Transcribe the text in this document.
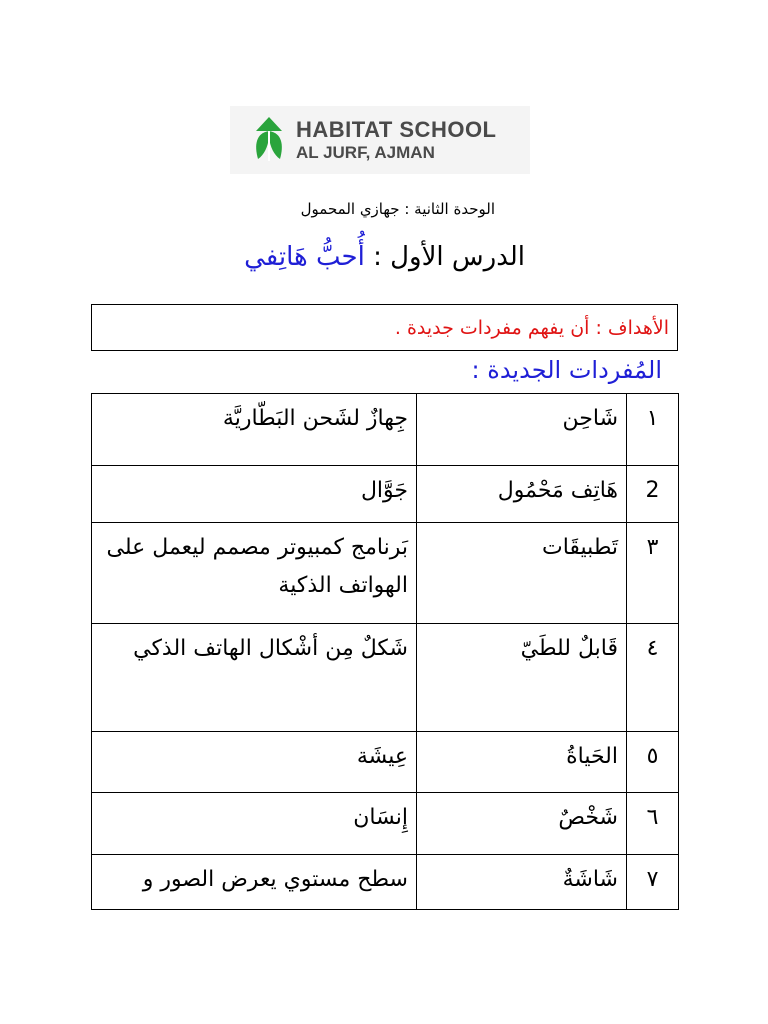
HABITAT SCHOOL
AL JURF, AJMAN
الوحدة الثانية : جهازي المحمول
الدرس الأول : أُحبُّ هَاتِفي
الأهداف : أن يفهم مفردات جديدة .
المُفردات الجديدة :
١	شَاحِن	جِهازٌ لشَحن البَطّاريَّة
2	هَاتِف مَحْمُول	جَوَّال
٣	تَطبيقَات	بَرنامج كمبيوتر مصمم ليعمل على الهواتف الذكية
٤	قَابلٌ للطَيّ	شَكلٌ مِن أشْكال الهاتف الذكي
٥	الحَياةُ	عِيشَة
٦	شَخْصٌ	إِنسَان
٧	شَاشَةٌ	سطح مستوي يعرض الصور و
